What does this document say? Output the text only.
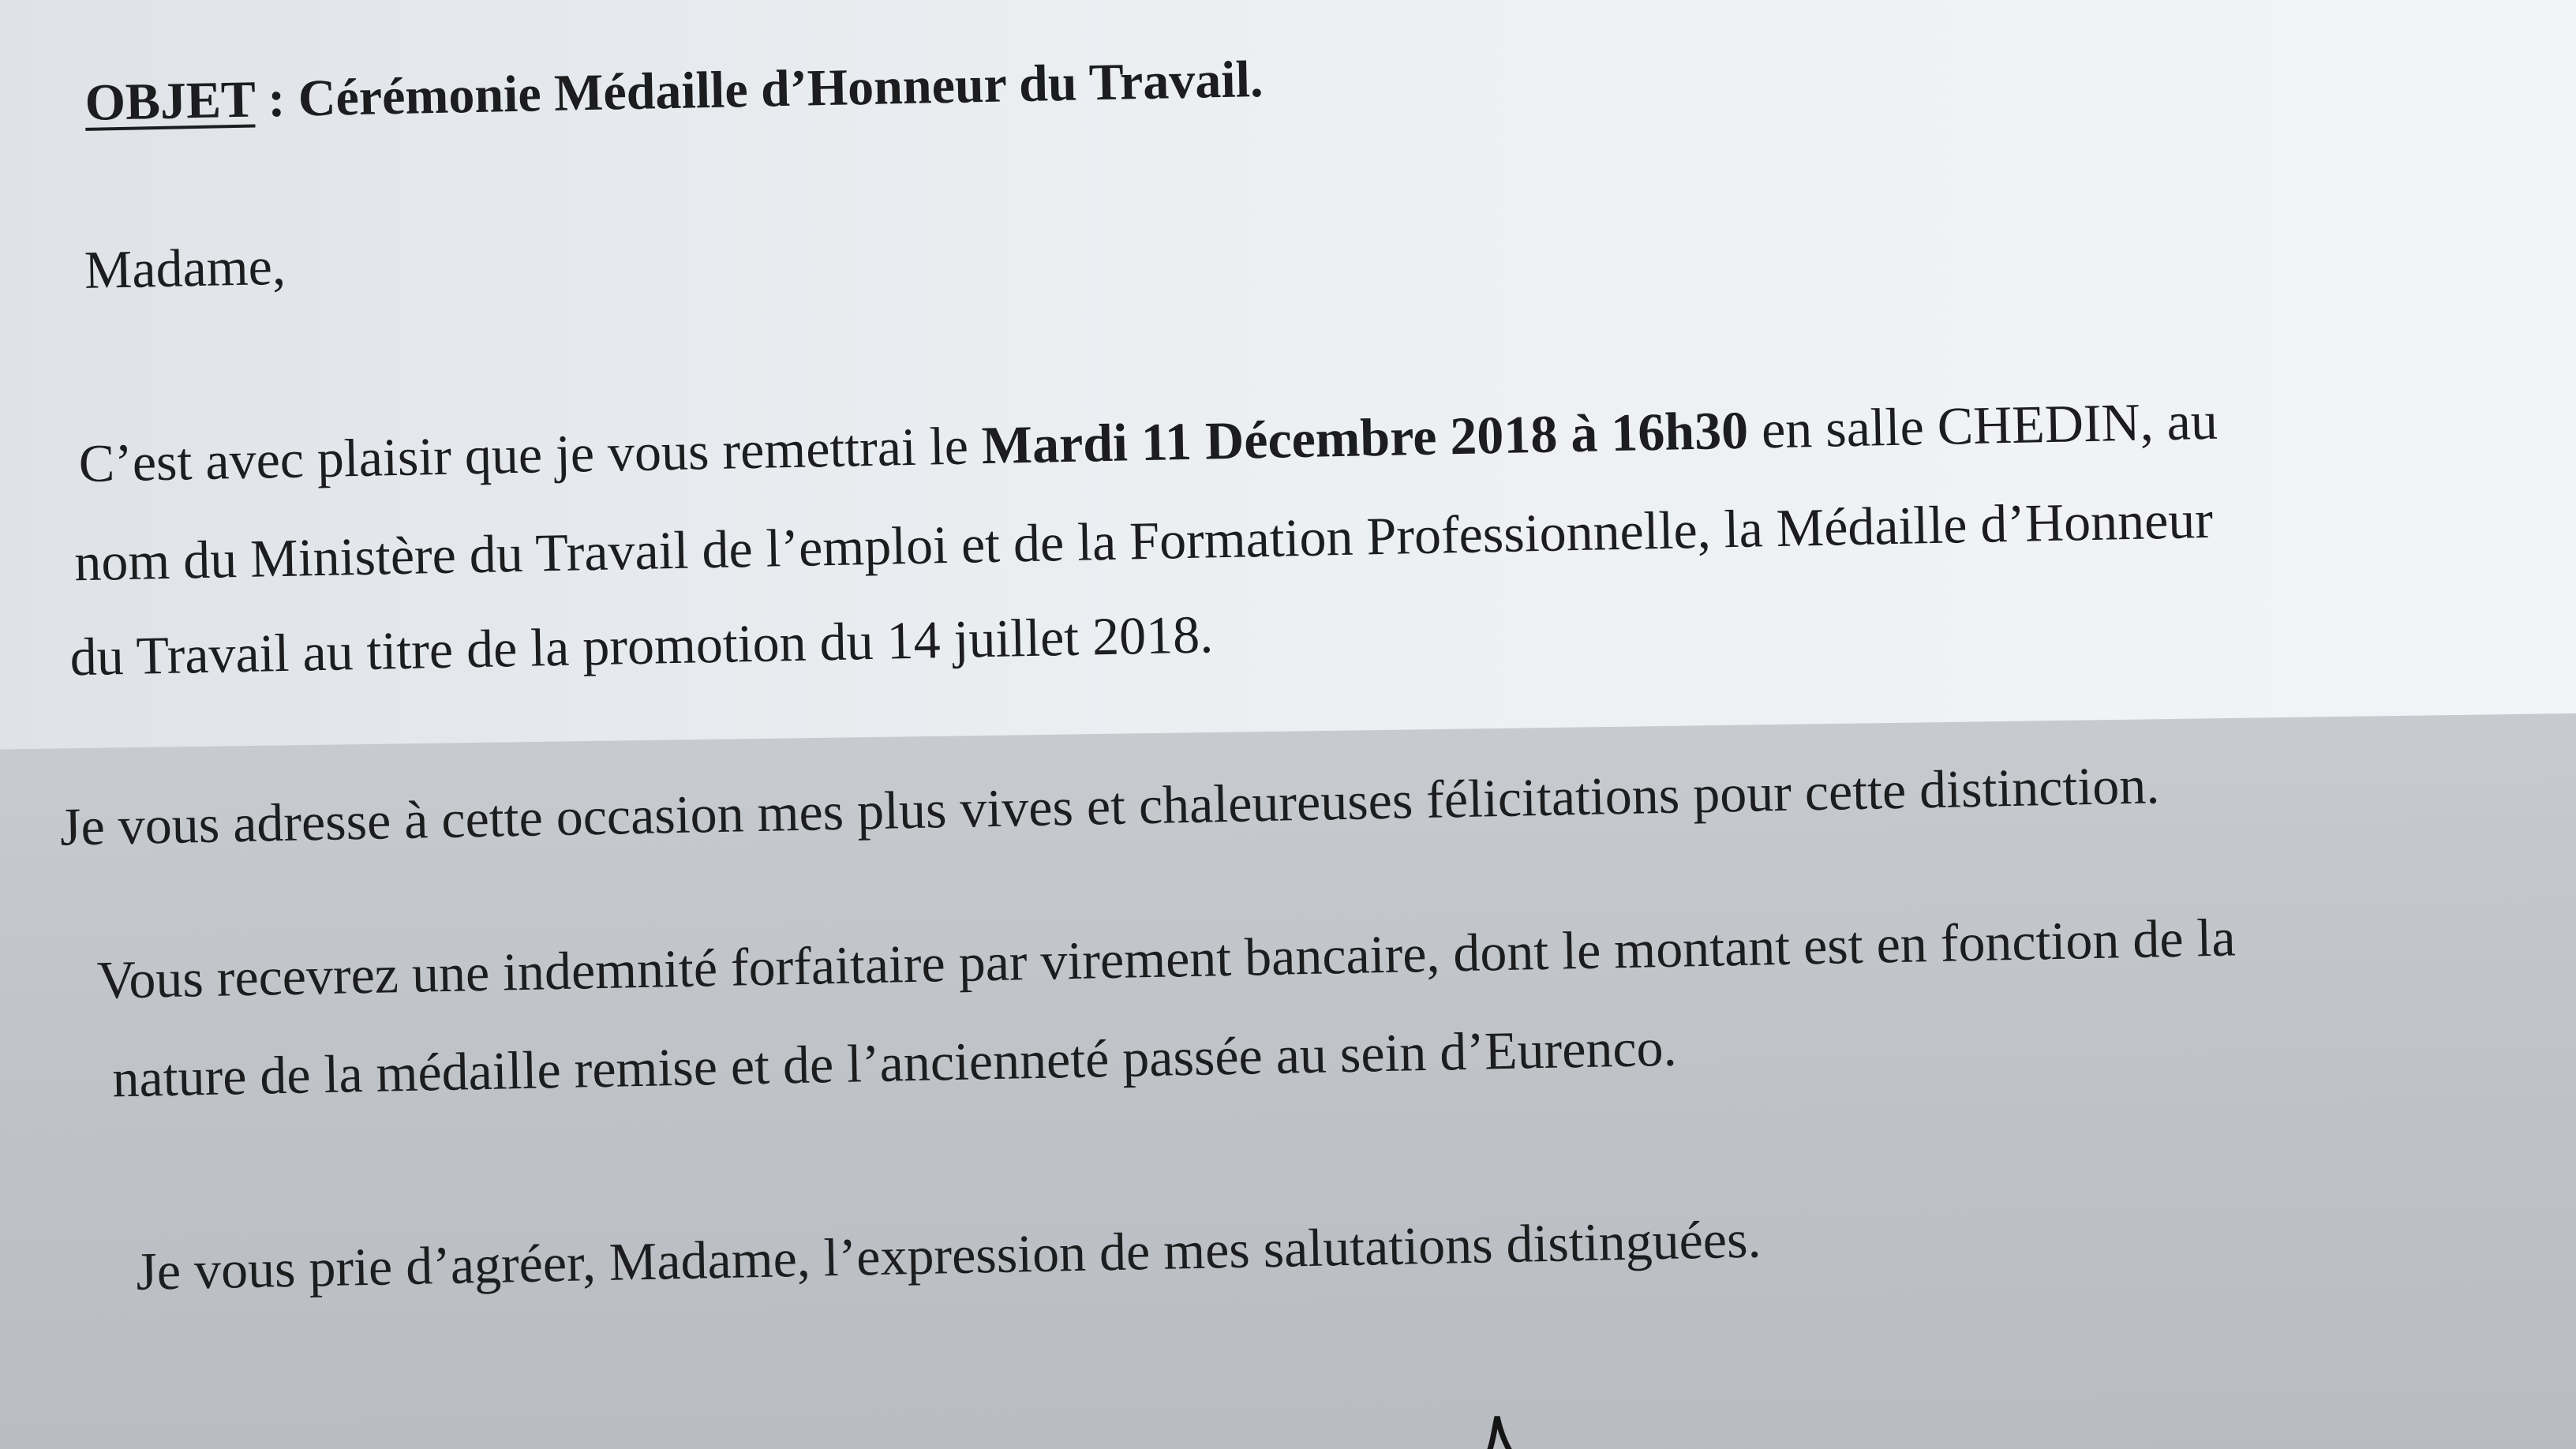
OBJET : Cérémonie Médaille d’Honneur du Travail.
Madame,
C’est avec plaisir que je vous remettrai le Mardi 11 Décembre 2018 à 16h30 en salle CHEDIN, au
nom du Ministère du Travail de l’emploi et de la Formation Professionnelle, la Médaille d’Honneur
du Travail au titre de la promotion du 14 juillet 2018.
Je vous adresse à cette occasion mes plus vives et chaleureuses félicitations pour cette distinction.
Vous recevrez une indemnité forfaitaire par virement bancaire, dont le montant est en fonction de la
nature de la médaille remise et de l’ancienneté passée au sein d’Eurenco.
Je vous prie d’agréer, Madame, l’expression de mes salutations distinguées.
